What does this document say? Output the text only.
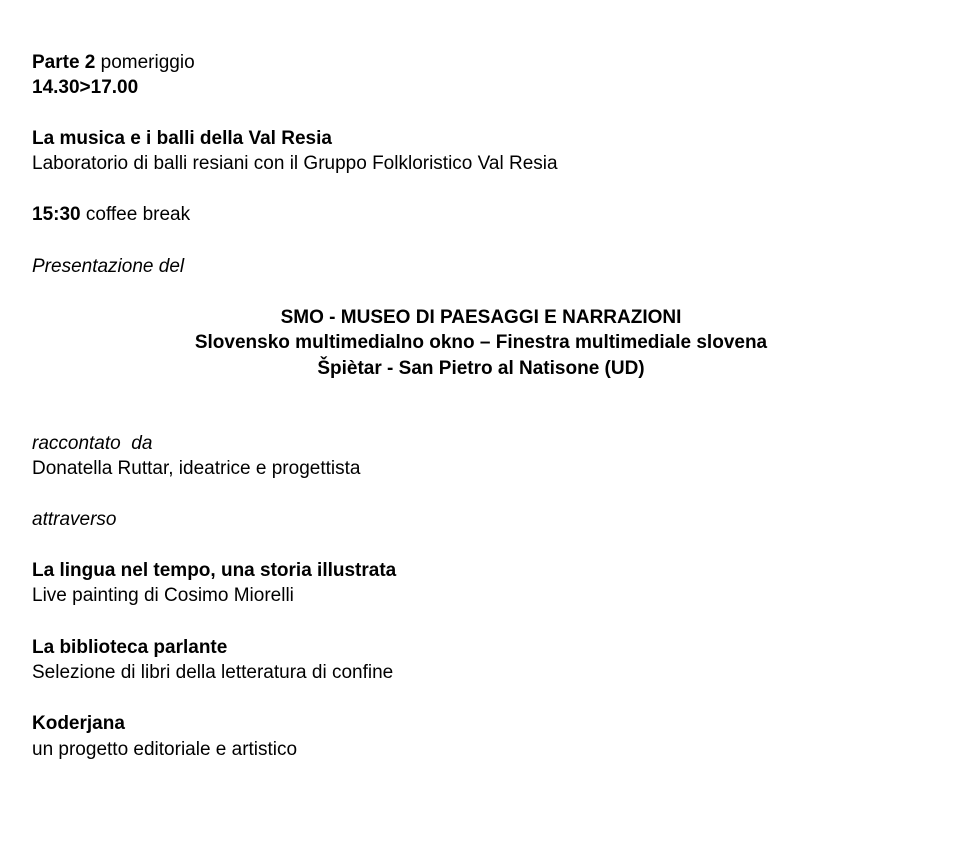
Parte 2 pomeriggio
14.30>17.00
La musica e i balli della Val Resia
Laboratorio di balli resiani con il Gruppo Folkloristico Val Resia
15:30 coffee break
Presentazione del
SMO - MUSEO DI PAESAGGI E NARRAZIONI
Slovensko multimedialno okno – Finestra multimediale slovena
Špiètar - San Pietro al Natisone (UD)
raccontato  da
Donatella Ruttar, ideatrice e progettista
attraverso
La lingua nel tempo, una storia illustrata
Live painting di Cosimo Miorelli
La biblioteca parlante
Selezione di libri della letteratura di confine
Koderjana
un progetto editoriale e artistico
